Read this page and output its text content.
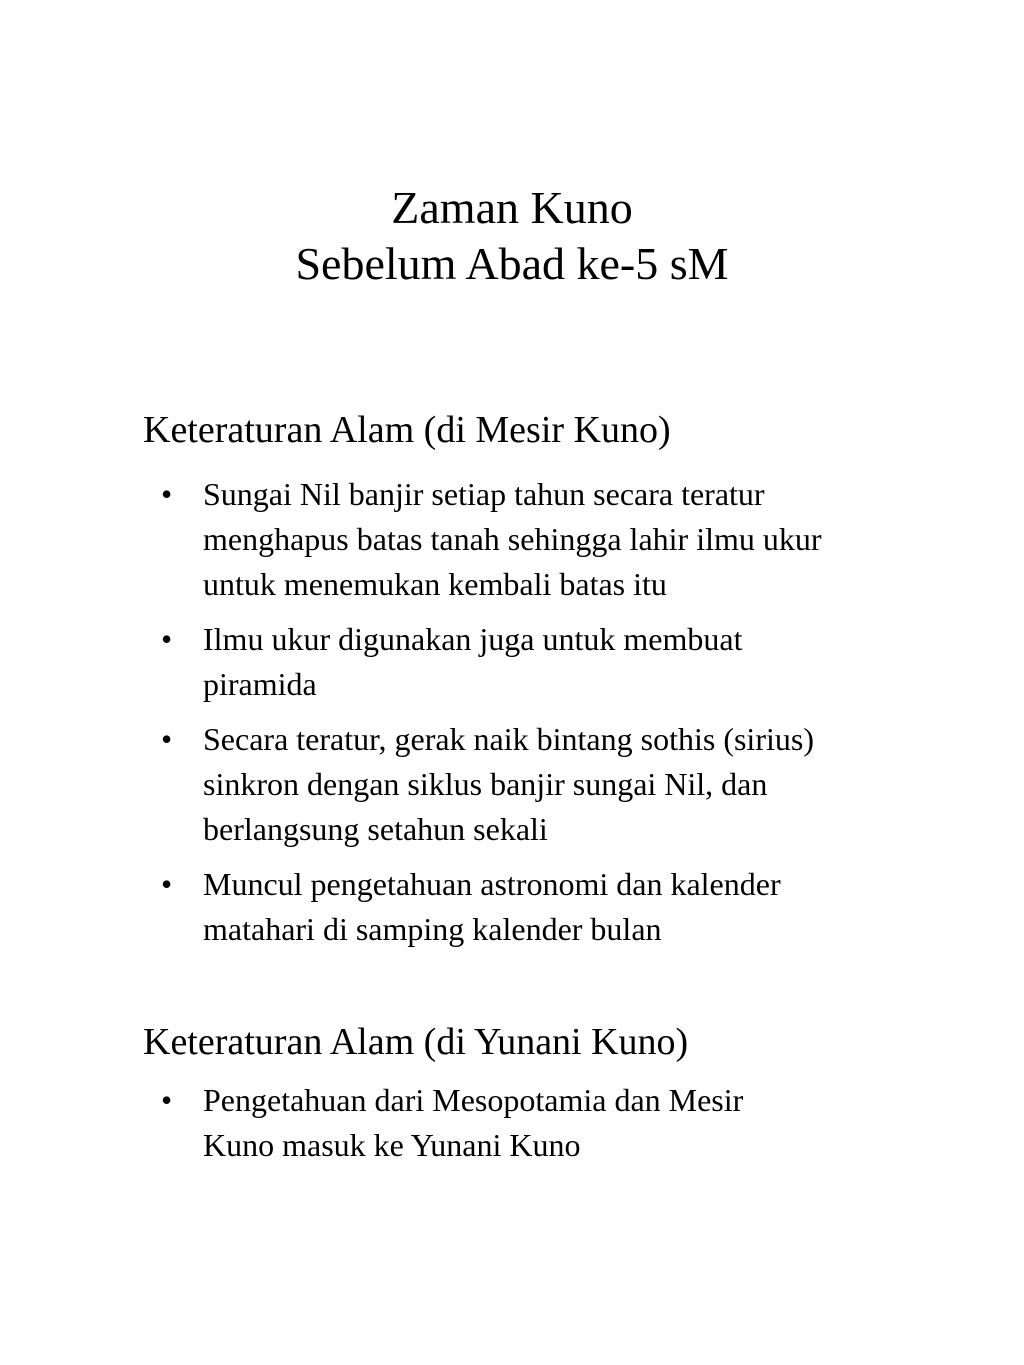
Zaman Kuno
Sebelum Abad ke-5 sM

Keteraturan Alam (di Mesir Kuno)

• Sungai Nil banjir setiap tahun secara teratur
menghapus batas tanah sehingga lahir ilmu ukur
untuk menemukan kembali batas itu
• Ilmu ukur digunakan juga untuk membuat
piramida
• Secara teratur, gerak naik bintang sothis (sirius)
sinkron dengan siklus banjir sungai Nil, dan
berlangsung setahun sekali
• Muncul pengetahuan astronomi dan kalender
matahari di samping kalender bulan

Keteraturan Alam (di Yunani Kuno)

• Pengetahuan dari Mesopotamia dan Mesir
Kuno masuk ke Yunani Kuno
